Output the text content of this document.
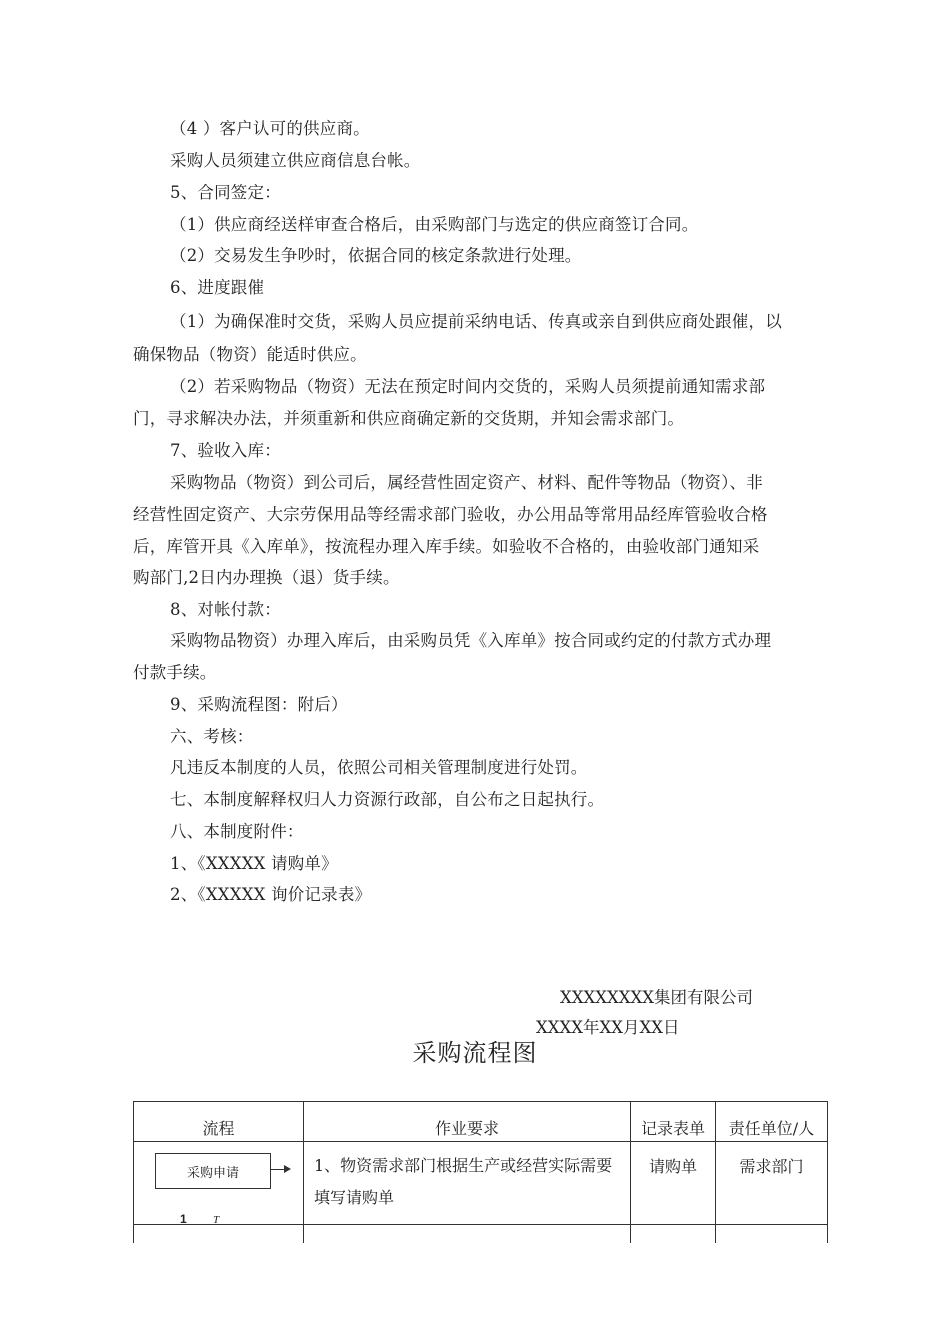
（4 ）客户认可的供应商。
采购人员须建立供应商信息台帐。
5、合同签定：
（1）供应商经送样审查合格后，由采购部门与选定的供应商签订合同。
（2）交易发生争吵时，依据合同的核定条款进行处理。
6、进度跟催
（1）为确保准时交货，采购人员应提前采纳电话、传真或亲自到供应商处跟催，以
确保物品（物资）能适时供应。
（2）若采购物品（物资）无法在预定时间内交货的，采购人员须提前通知需求部
门，寻求解决办法，并须重新和供应商确定新的交货期，并知会需求部门。
7、验收入库：
采购物品（物资）到公司后，属经营性固定资产、材料、配件等物品（物资）、非
经营性固定资产、大宗劳保用品等经需求部门验收，办公用品等常用品经库管验收合格
后，库管开具《入库单》，按流程办理入库手续。如验收不合格的，由验收部门通知采
购部门,2日内办理换（退）货手续。
8、对帐付款：
采购物品物资）办理入库后，由采购员凭《入库单》按合同或约定的付款方式办理
付款手续。
9、采购流程图：附后）
六、考核：
凡违反本制度的人员，依照公司相关管理制度进行处罚。
七、本制度解释权归人力资源行政部，自公布之日起执行。
八、本制度附件：
1、《XXXXX 请购单》
2、《XXXXX 询价记录表》
XXXXXXXX集团有限公司
XXXX年XX月XX日
采购流程图
流程	作业要求	记录表单	责任单位/人
	1、物资需求部门根据生产或经营实际需要填写请购单	请购单	需求部门

采购申请
1 T
